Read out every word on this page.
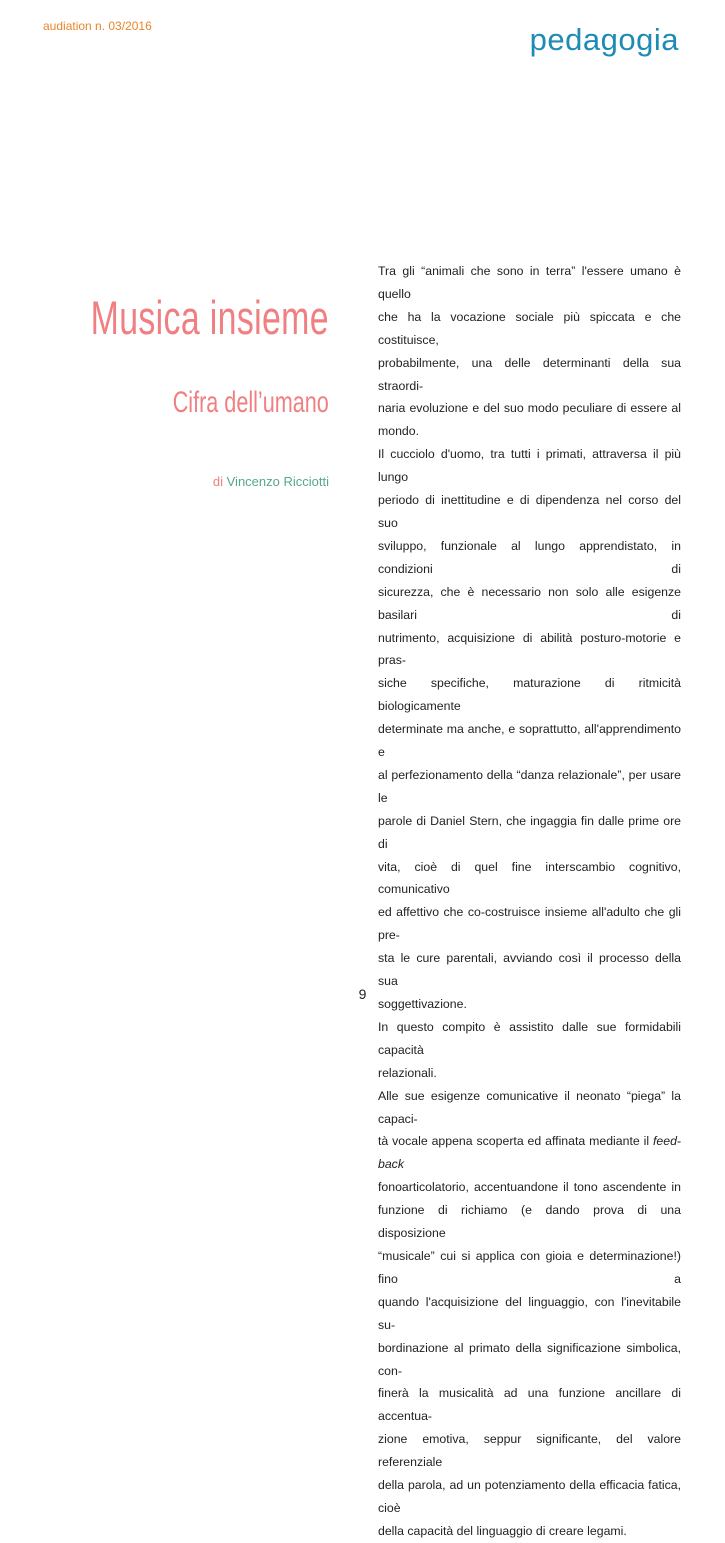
audiation n. 03/2016	pedagogia
Musica insieme
Cifra dell’umano
di Vincenzo Ricciotti

Tra gli “animali che sono in terra” l'essere umano è quello

che ha la vocazione sociale più spiccata e che costituisce,

probabilmente, una delle determinanti della sua straordi-

naria evoluzione e del suo modo peculiare di essere al

mondo.

Il cucciolo d'uomo, tra tutti i primati, attraversa il più lungo

periodo di inettitudine e di dipendenza nel corso del suo

sviluppo, funzionale al lungo apprendistato, in condizioni di

sicurezza, che è necessario non solo alle esigenze basilari di

nutrimento, acquisizione di abilità posturo-motorie e pras-

siche specifiche, maturazione di ritmicità biologicamente

determinate ma anche, e soprattutto, all'apprendimento e

al perfezionamento della “danza relazionale”, per usare le

parole di Daniel Stern, che ingaggia fin dalle prime ore di

vita, cioè di quel fine interscambio cognitivo, comunicativo

ed affettivo che co-costruisce insieme all'adulto che gli pre-

sta le cure parentali, avviando così il processo della sua

soggettivazione.

In questo compito è assistito dalle sue formidabili capacità

relazionali.

Alle sue esigenze comunicative il neonato “piega” la capaci-

tà vocale appena scoperta ed affinata mediante il feed-back

fonoarticolatorio, accentuandone il tono ascendente in

funzione di richiamo (e dando prova di una disposizione

“musicale” cui si applica con gioia e determinazione!) fino a

quando l'acquisizione del linguaggio, con l'inevitabile su-

bordinazione al primato della significazione simbolica, con-

finerà la musicalità ad una funzione ancillare di accentua-

zione emotiva, seppur significante, del valore referenziale

della parola, ad un potenziamento della efficacia fatica, cioè

della capacità del linguaggio di creare legami.

9
